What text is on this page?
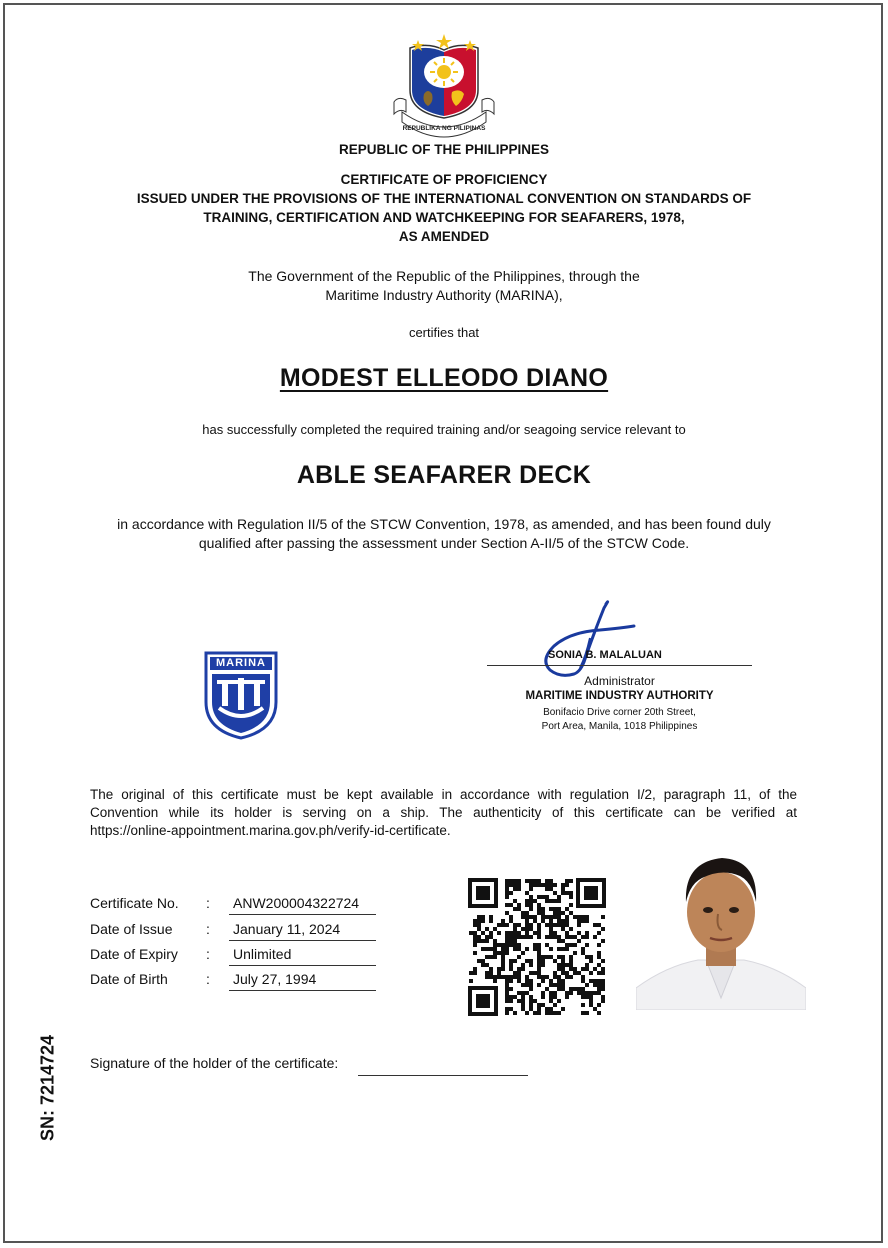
REPUBLIKA NG PILIPINAS
REPUBLIC OF THE PHILIPPINES
CERTIFICATE OF PROFICIENCY
ISSUED UNDER THE PROVISIONS OF THE INTERNATIONAL CONVENTION ON STANDARDS OF
TRAINING, CERTIFICATION AND WATCHKEEPING FOR SEAFARERS, 1978,
AS AMENDED
The Government of the Republic of the Philippines, through the
Maritime Industry Authority (MARINA),
certifies that
MODEST ELLEODO DIANO
has successfully completed the required training and/or seagoing service relevant to
ABLE SEAFARER DECK
in accordance with Regulation II/5 of the STCW Convention, 1978, as amended, and has been found duly
qualified after passing the assessment under Section A-II/5 of the STCW Code.
MARINA
SONIA B. MALALUAN
Administrator
MARITIME INDUSTRY AUTHORITY
Bonifacio Drive corner 20th Street,
Port Area, Manila, 1018 Philippines
The original of this certificate must be kept available in accordance with regulation I/2, paragraph 11, of the
Convention while its holder is serving on a ship. The authenticity of this certificate can be verified at
https://online-appointment.marina.gov.ph/verify-id-certificate.
Certificate No. : ANW200004322724
Date of Issue : January 11, 2024
Date of Expiry : Unlimited
Date of Birth	: July 27, 1994
Signature of the holder of the certificate:
SN: 7214724
